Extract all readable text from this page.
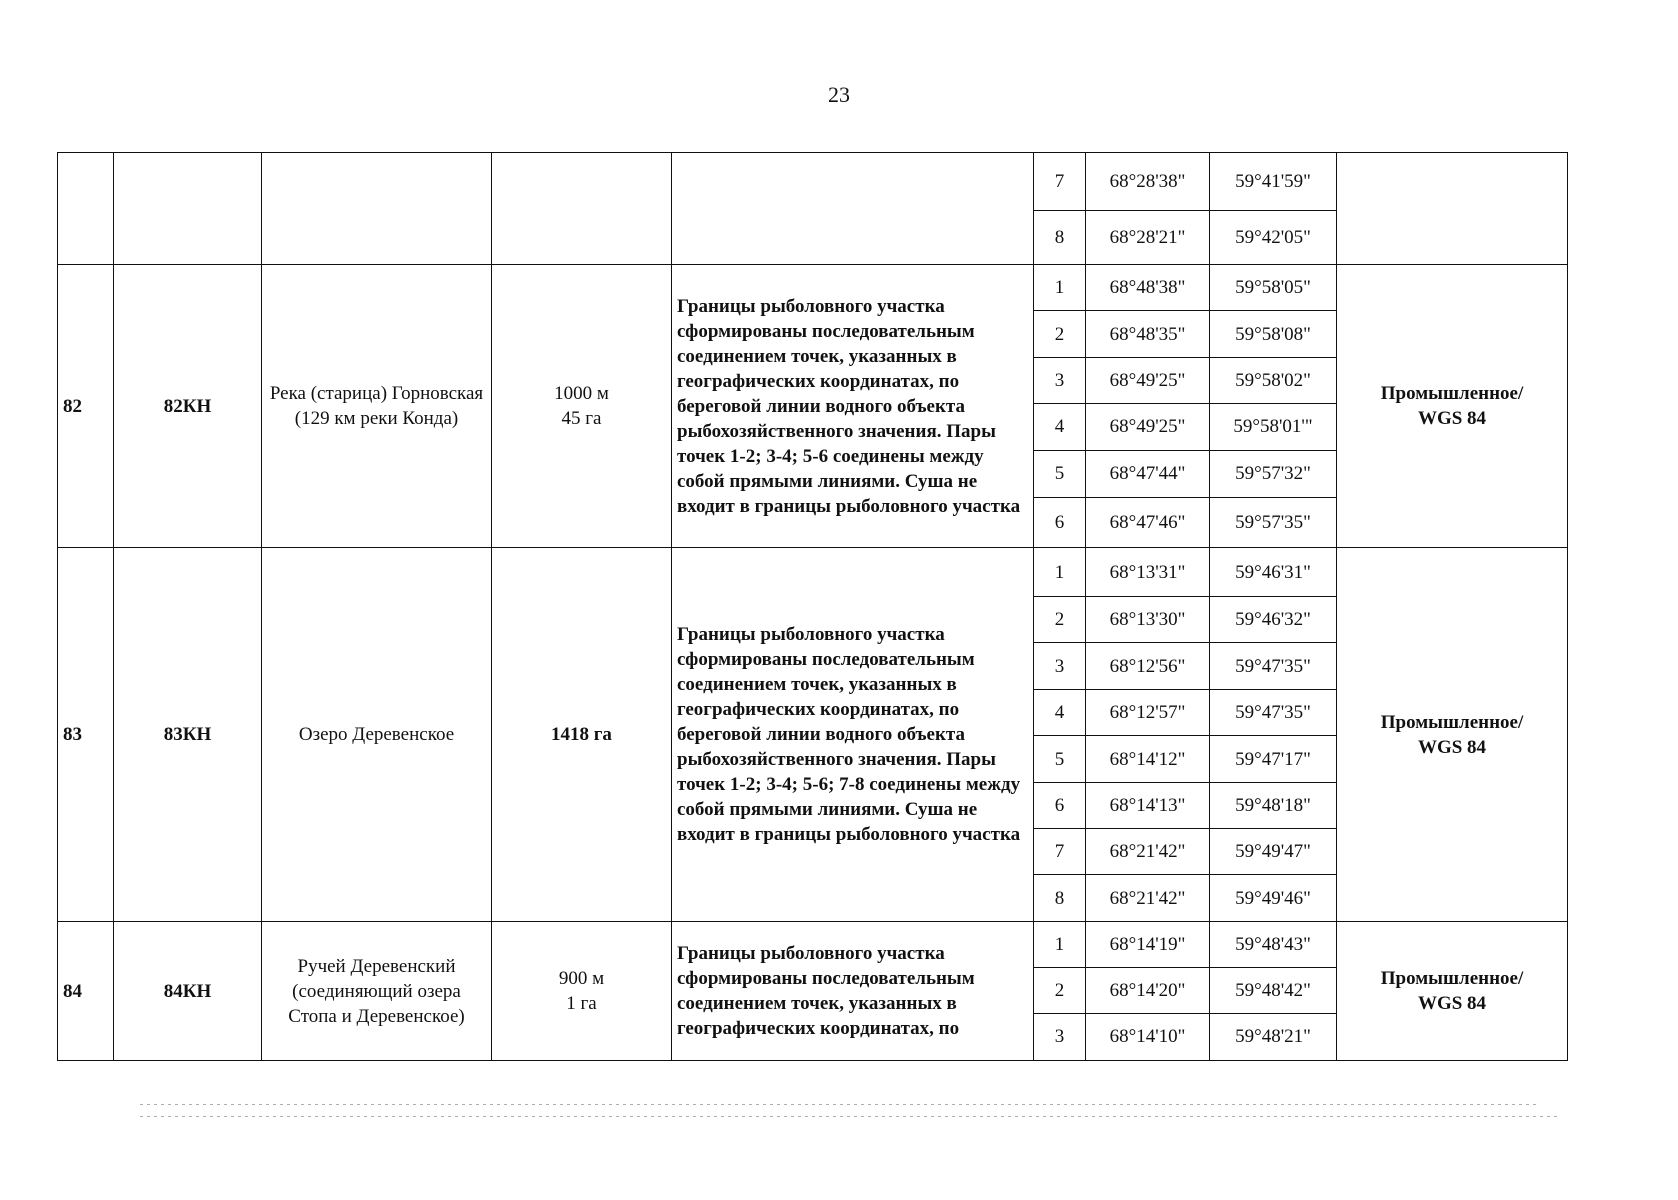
23
					7	68°28'38"	59°41'59"	
					8	68°28'21"	59°42'05"	
82	82КН	Река (старица) Горновская (129 км реки Конда)	1000 м
45 га	Границы рыболовного участка сформированы последовательным соединением точек, указанных в географических координатах, по береговой линии водного объекта рыбохозяйственного значения. Пары точек 1-2; 3-4; 5-6 соединены между собой прямыми линиями. Суша не входит в границы рыболовного участка	1	68°48'38"	59°58'05"	Промышленное/
WGS 84
					2	68°48'35"	59°58'08"	
					3	68°49'25"	59°58'02"	
					4	68°49'25"	59°58'01'"	
					5	68°47'44"	59°57'32"	
					6	68°47'46"	59°57'35"	
83	83КН	Озеро Деревенское	1418 га	Границы рыболовного участка сформированы последовательным соединением точек, указанных в географических координатах, по береговой линии водного объекта рыбохозяйственного значения. Пары точек 1-2; 3-4; 5-6; 7-8 соединены между собой прямыми линиями. Суша не входит в границы рыболовного участка	1	68°13'31"	59°46'31"	Промышленное/
WGS 84
					2	68°13'30"	59°46'32"	
					3	68°12'56"	59°47'35"	
					4	68°12'57"	59°47'35"	
					5	68°14'12"	59°47'17"	
					6	68°14'13"	59°48'18"	
					7	68°21'42"	59°49'47"	
					8	68°21'42"	59°49'46"	
84	84КН	Ручей Деревенский (соединяющий озера Стопа и Деревенское)	900 м
1 га	Границы рыболовного участка сформированы последовательным соединением точек, указанных в географических координатах, по	1	68°14'19"	59°48'43"	Промышленное/
WGS 84
					2	68°14'20"	59°48'42"	
					3	68°14'10"	59°48'21"	
